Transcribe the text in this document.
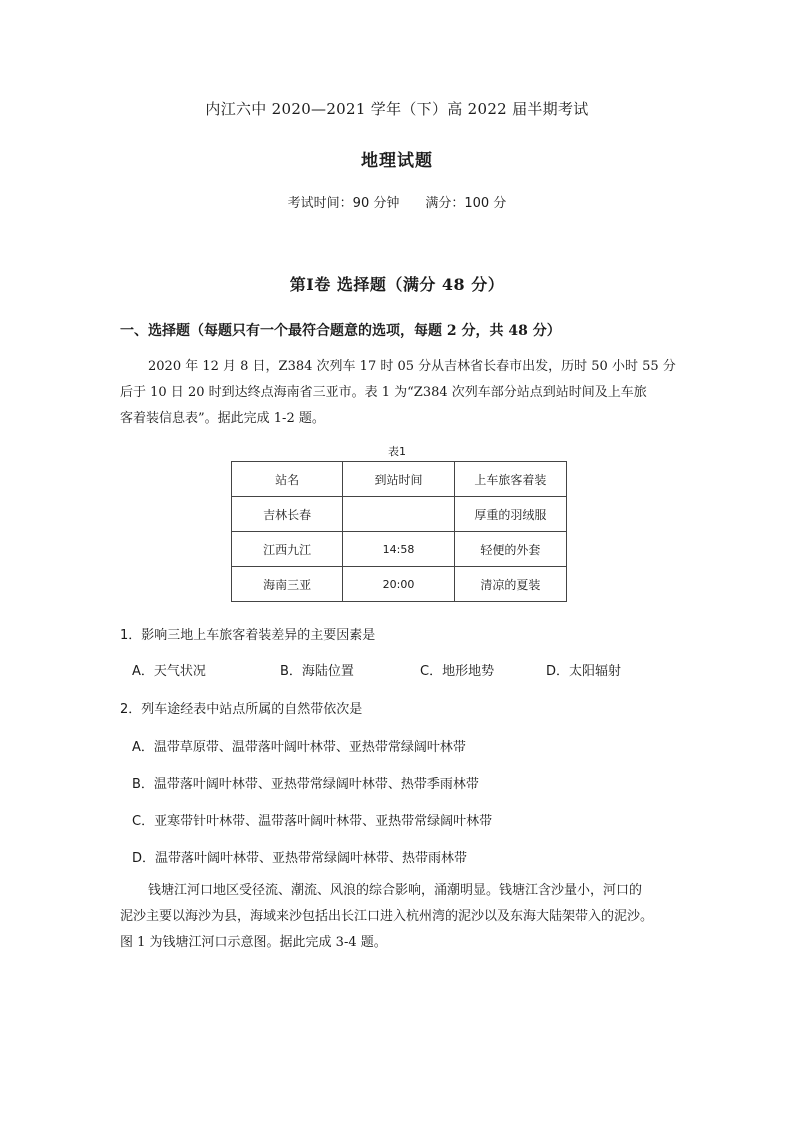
内江六中 2020—2021 学年（下）高 2022 届半期考试
地理试题
考试时间：90 分钟 满分：100 分
第Ⅰ卷 选择题（满分 48 分）
一、选择题（每题只有一个最符合题意的选项，每题 2 分，共 48 分）

2020 年 12 月 8 日，Z384 次列车 17 时 05 分从吉林省长春市出发，历时 50 小时 55 分

后于 10 日 20 时到达终点海南省三亚市。表 1 为“Z384 次列车部分站点到站时间及上车旅

客着装信息表”。据此完成 1-2 题。

表1
站名	到站时间	上车旅客着装
吉林长春		厚重的羽绒服
江西九江	14:58	轻便的外套
海南三亚	20:00	清凉的夏装
1．影响三地上车旅客着装差异的主要因素是
A．天气状况	B．海陆位置	C．地形地势	D．太阳辐射
2．列车途经表中站点所属的自然带依次是
A．温带草原带、温带落叶阔叶林带、亚热带常绿阔叶林带
B．温带落叶阔叶林带、亚热带常绿阔叶林带、热带季雨林带
C．亚寒带针叶林带、温带落叶阔叶林带、亚热带常绿阔叶林带
D．温带落叶阔叶林带、亚热带常绿阔叶林带、热带雨林带

钱塘江河口地区受径流、潮流、风浪的综合影响，涌潮明显。钱塘江含沙量小，河口的

泥沙主要以海沙为县，海域来沙包括出长江口进入杭州湾的泥沙以及东海大陆架带入的泥沙。

图 1 为钱塘江河口示意图。据此完成 3-4 题。
